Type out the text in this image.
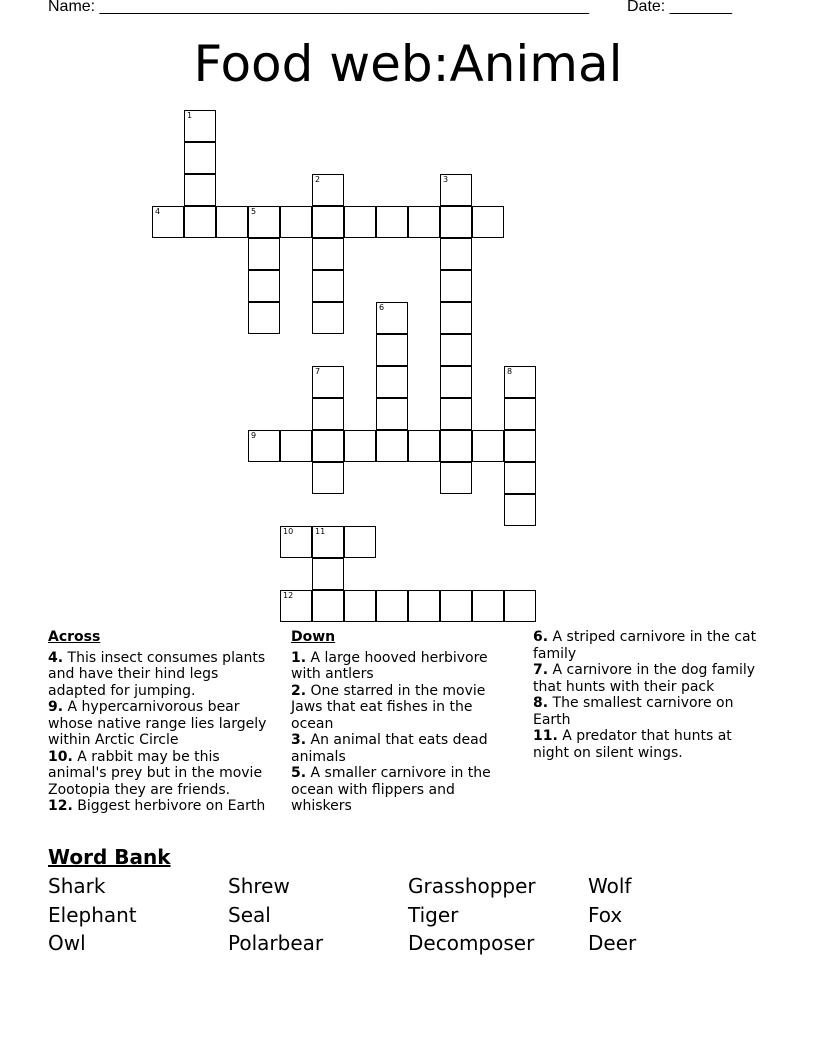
Name: _______________________________________________________ Date: _______
Food web:Animal
1
2	3
4	5
6
7	8
9
10	11
12
Across

4. This insect consumes plants and have their hind legs adapted for jumping.

9. A hypercarnivorous bear whose native range lies largely within Arctic Circle

10. A rabbit may be this animal's prey but in the movie Zootopia they are friends.

12. Biggest herbivore on Earth

Down

1. A large hooved herbivore with antlers

2. One starred in the movie Jaws that eat fishes in the ocean

3. An animal that eats dead animals

5. A smaller carnivore in the ocean with flippers and whiskers

6. A striped carnivore in the cat family

7. A carnivore in the dog family that hunts with their pack

8. The smallest carnivore on Earth

11. A predator that hunts at night on silent wings.

Word Bank
Shark	Shrew	Grasshopper	Wolf
Elephant	Seal	Tiger	Fox
Owl	Polarbear	Decomposer	Deer
